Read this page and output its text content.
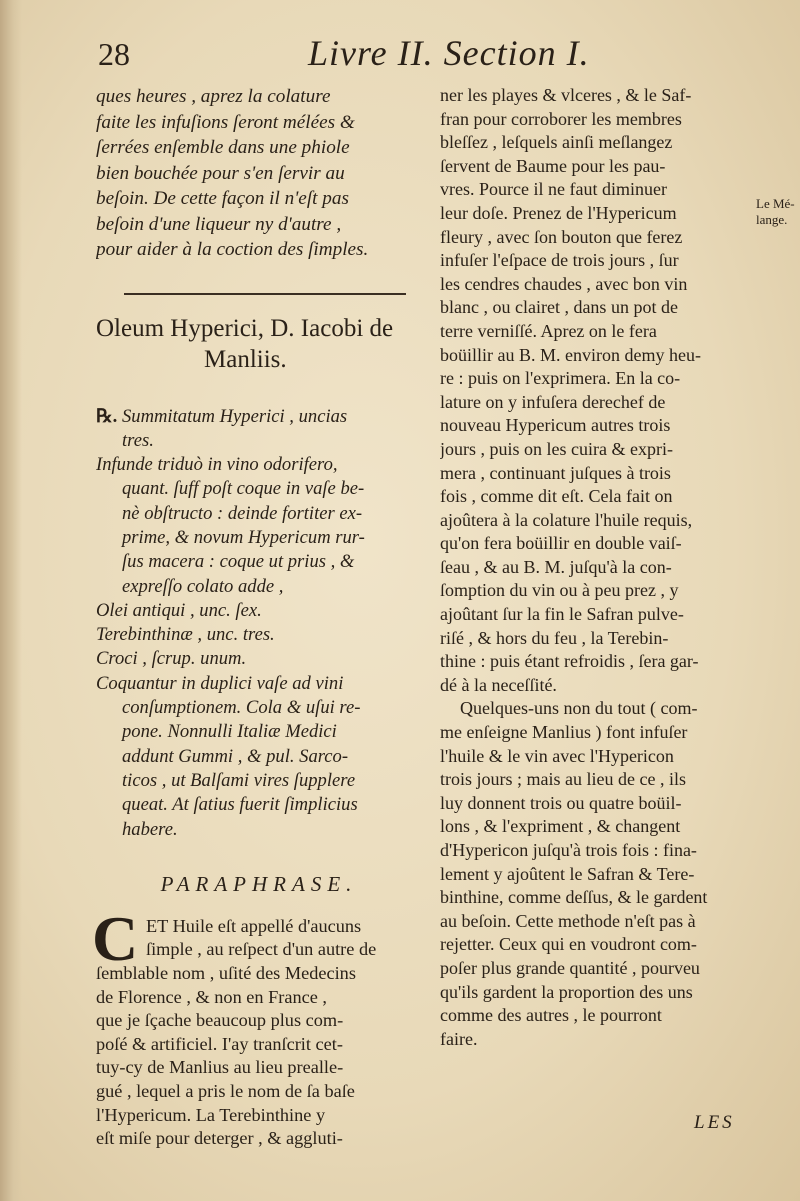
28	Livre II. Section I.
ques heures , aprez la colature
faite les infuſions ſeront mélées &
ſerrées enſemble dans une phiole
bien bouchée pour s'en ſervir au
beſoin. De cette façon il n'eſt pas
beſoin d'une liqueur ny d'autre ,
pour aider à la coction des ſimples.
Oleum Hyperici, D. Iacobi de
Manliis.
℞. Summitatum Hyperici , uncias
tres.
Infunde triduò in vino odorifero,
quant. ſuff poſt coque in vaſe be-
nè obſtructo : deinde fortiter ex-
prime, & novum Hypericum rur-
ſus macera : coque ut prius , &
expreſſo colato adde ,
Olei antiqui , unc. ſex.
Terebinthinæ , unc. tres.
Croci , ſcrup. unum.
Coquantur in duplici vaſe ad vini
conſumptionem. Cola & uſui re-
pone. Nonnulli Italiæ Medici
addunt Gummi , & pul. Sarco-
ticos , ut Balſami vires ſupplere
queat. At ſatius fuerit ſimplicius
habere.
PARAPHRASE.
C ET Huile eſt appellé d'aucuns
ſimple , au reſpect d'un autre de
ſemblable nom , uſité des Medecins
de Florence , & non en France ,
que je ſçache beaucoup plus com-
poſé & artificiel. I'ay tranſcrit cet-
tuy-cy de Manlius au lieu prealle-
gué , lequel a pris le nom de ſa baſe
l'Hypericum. La Terebinthine y
eſt miſe pour deterger , & aggluti-
ner les playes & vlceres , & le Saf-
fran pour corroborer les membres
bleſſez , leſquels ainſi meſlangez
ſervent de Baume pour les pau-
vres. Pource il ne faut diminuer
leur doſe. Prenez de l'Hypericum
fleury , avec ſon bouton que ferez
infuſer l'eſpace de trois jours , ſur
les cendres chaudes , avec bon vin
blanc , ou clairet , dans un pot de
terre verniſſé. Aprez on le fera
boüillir au B. M. environ demy heu-
re : puis on l'exprimera. En la co-
lature on y infuſera derechef de
nouveau Hypericum autres trois
jours , puis on les cuira & expri-
mera , continuant juſques à trois
fois , comme dit eſt. Cela fait on
ajoûtera à la colature l'huile requis,
qu'on fera boüillir en double vaiſ-
ſeau , & au B. M. juſqu'à la con-
ſomption du vin ou à peu prez , y
ajoûtant ſur la fin le Safran pulve-
riſé , & hors du feu , la Terebin-
thine : puis étant refroidis , ſera gar-
dé à la neceſſité.
Quelques-uns non du tout ( com-
me enſeigne Manlius ) font infuſer
l'huile & le vin avec l'Hypericon
trois jours ; mais au lieu de ce , ils
luy donnent trois ou quatre boüil-
lons , & l'expriment , & changent
d'Hypericon juſqu'à trois fois : fina-
lement y ajoûtent le Safran & Tere-
binthine, comme deſſus, & le gardent
au beſoin. Cette methode n'eſt pas à
rejetter. Ceux qui en voudront com-
poſer plus grande quantité , pourveu
qu'ils gardent la proportion des uns
comme des autres , le pourront
faire.
Le Mé-lange.
LES
